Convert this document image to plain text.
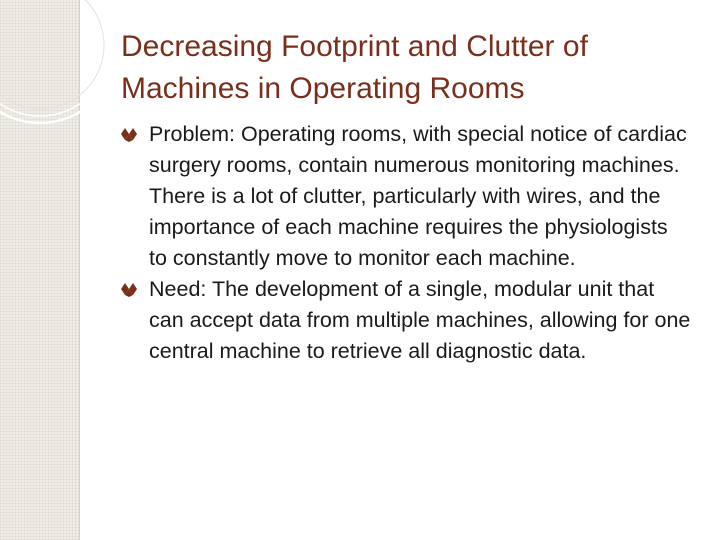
Decreasing Footprint and Clutter of Machines in Operating Rooms
Problem: Operating rooms, with special notice of cardiac surgery rooms, contain numerous monitoring machines. There is a lot of clutter, particularly with wires, and the importance of each machine requires the physiologists to constantly move to monitor each machine.
Need: The development of a single, modular unit that can accept data from multiple machines, allowing for one central machine to retrieve all diagnostic data.
